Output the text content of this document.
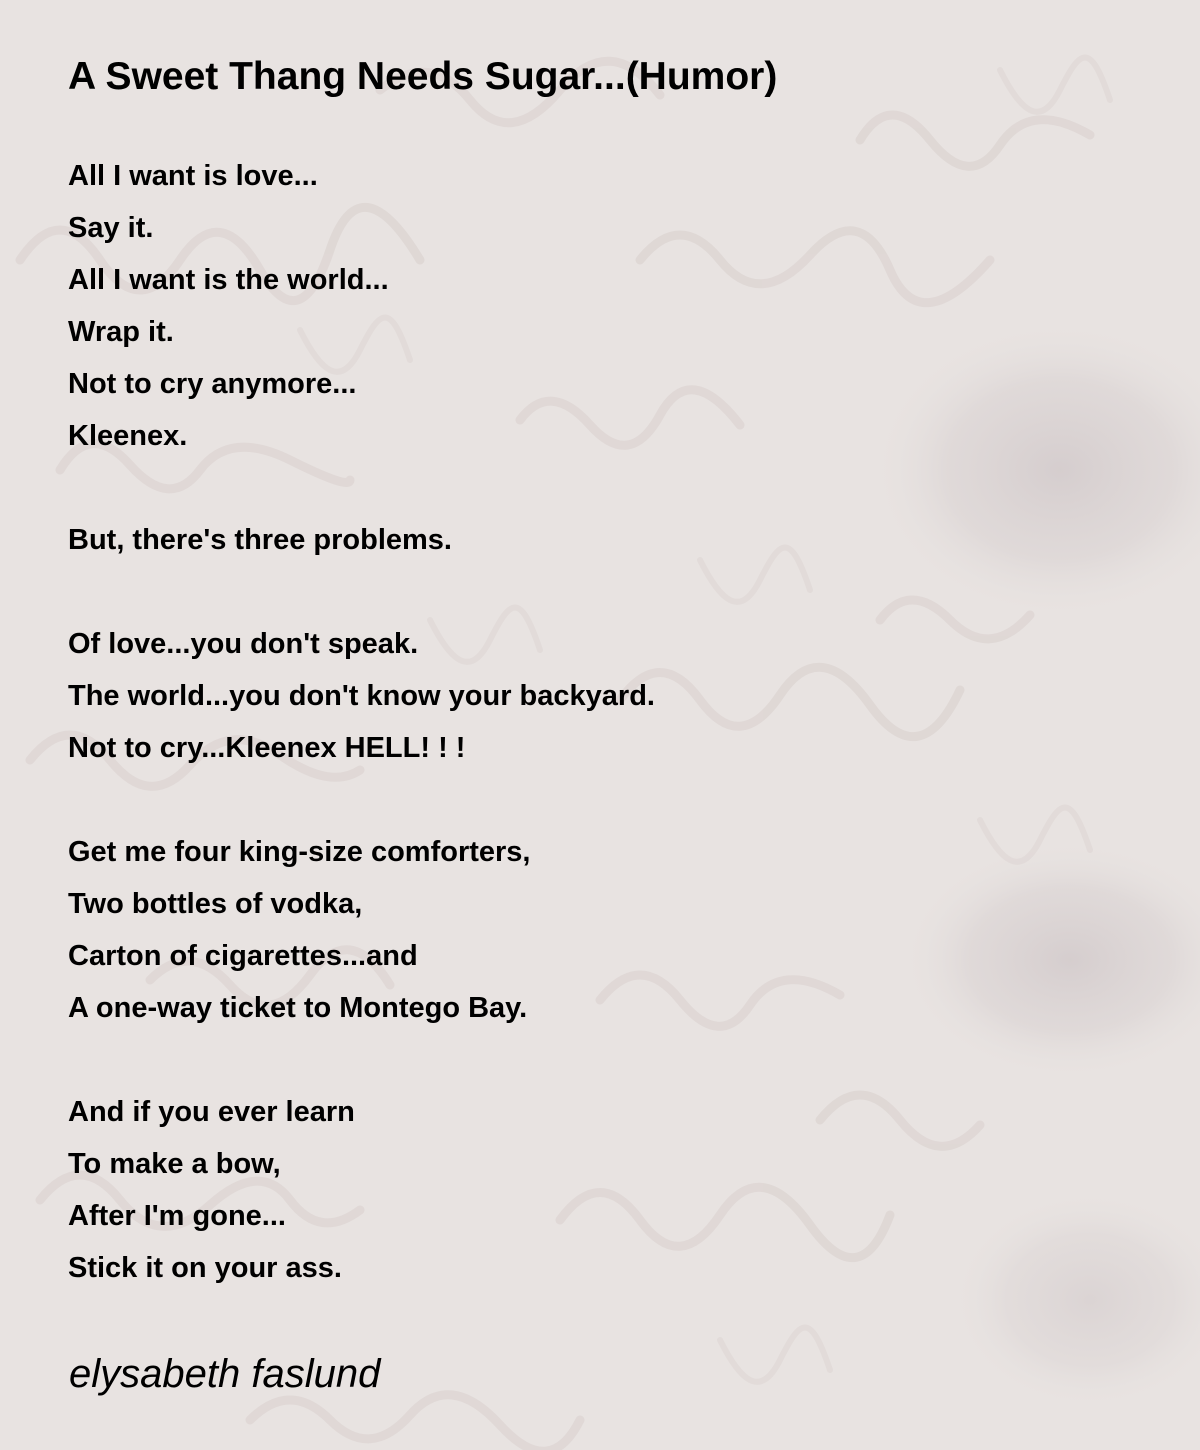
A Sweet Thang Needs Sugar...(Humor)
All I want is love...
Say it.
All I want is the world...
Wrap it.
Not to cry anymore...
Kleenex.
But, there's three problems.
Of love...you don't speak.
The world...you don't know your backyard.
Not to cry...Kleenex HELL! ! !
Get me four king-size comforters,
Two bottles of vodka,
Carton of cigarettes...and
A one-way ticket to Montego Bay.
And if you ever learn
To make a bow,
After I'm gone...
Stick it on your ass.
elysabeth faslund
